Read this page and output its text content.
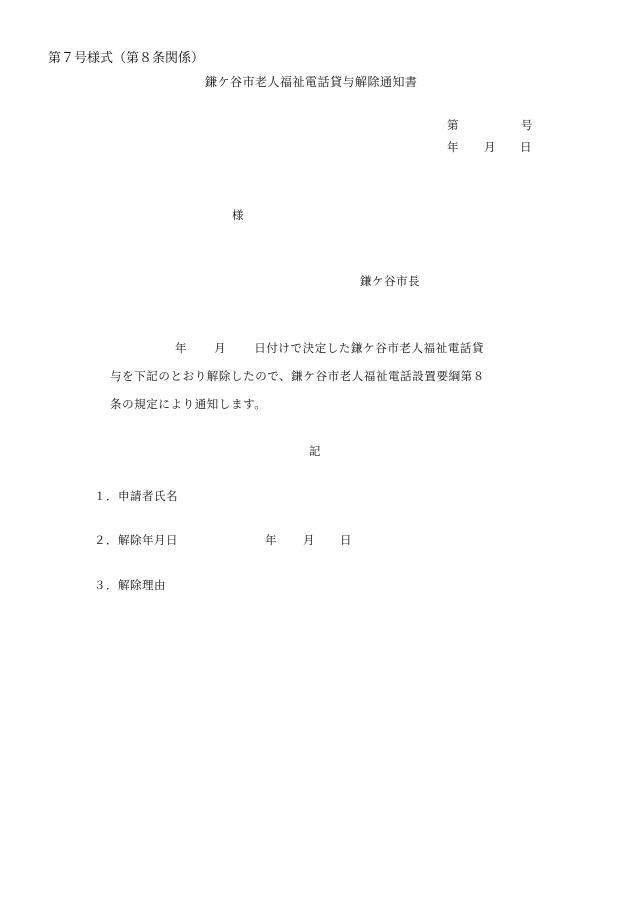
第７号様式（第８条関係）
鎌ケ谷市老人福祉電話貸与解除通知書
第	号
年 月 日
様
鎌ケ谷市長
年 月 日付けで決定した鎌ケ谷市老人福祉電話貸
与を下記のとおり解除したので、鎌ケ谷市老人福祉電話設置要綱第８
条の規定により通知します。
記
１．申請者氏名
２．解除年月日	年 月 日
３．解除理由
